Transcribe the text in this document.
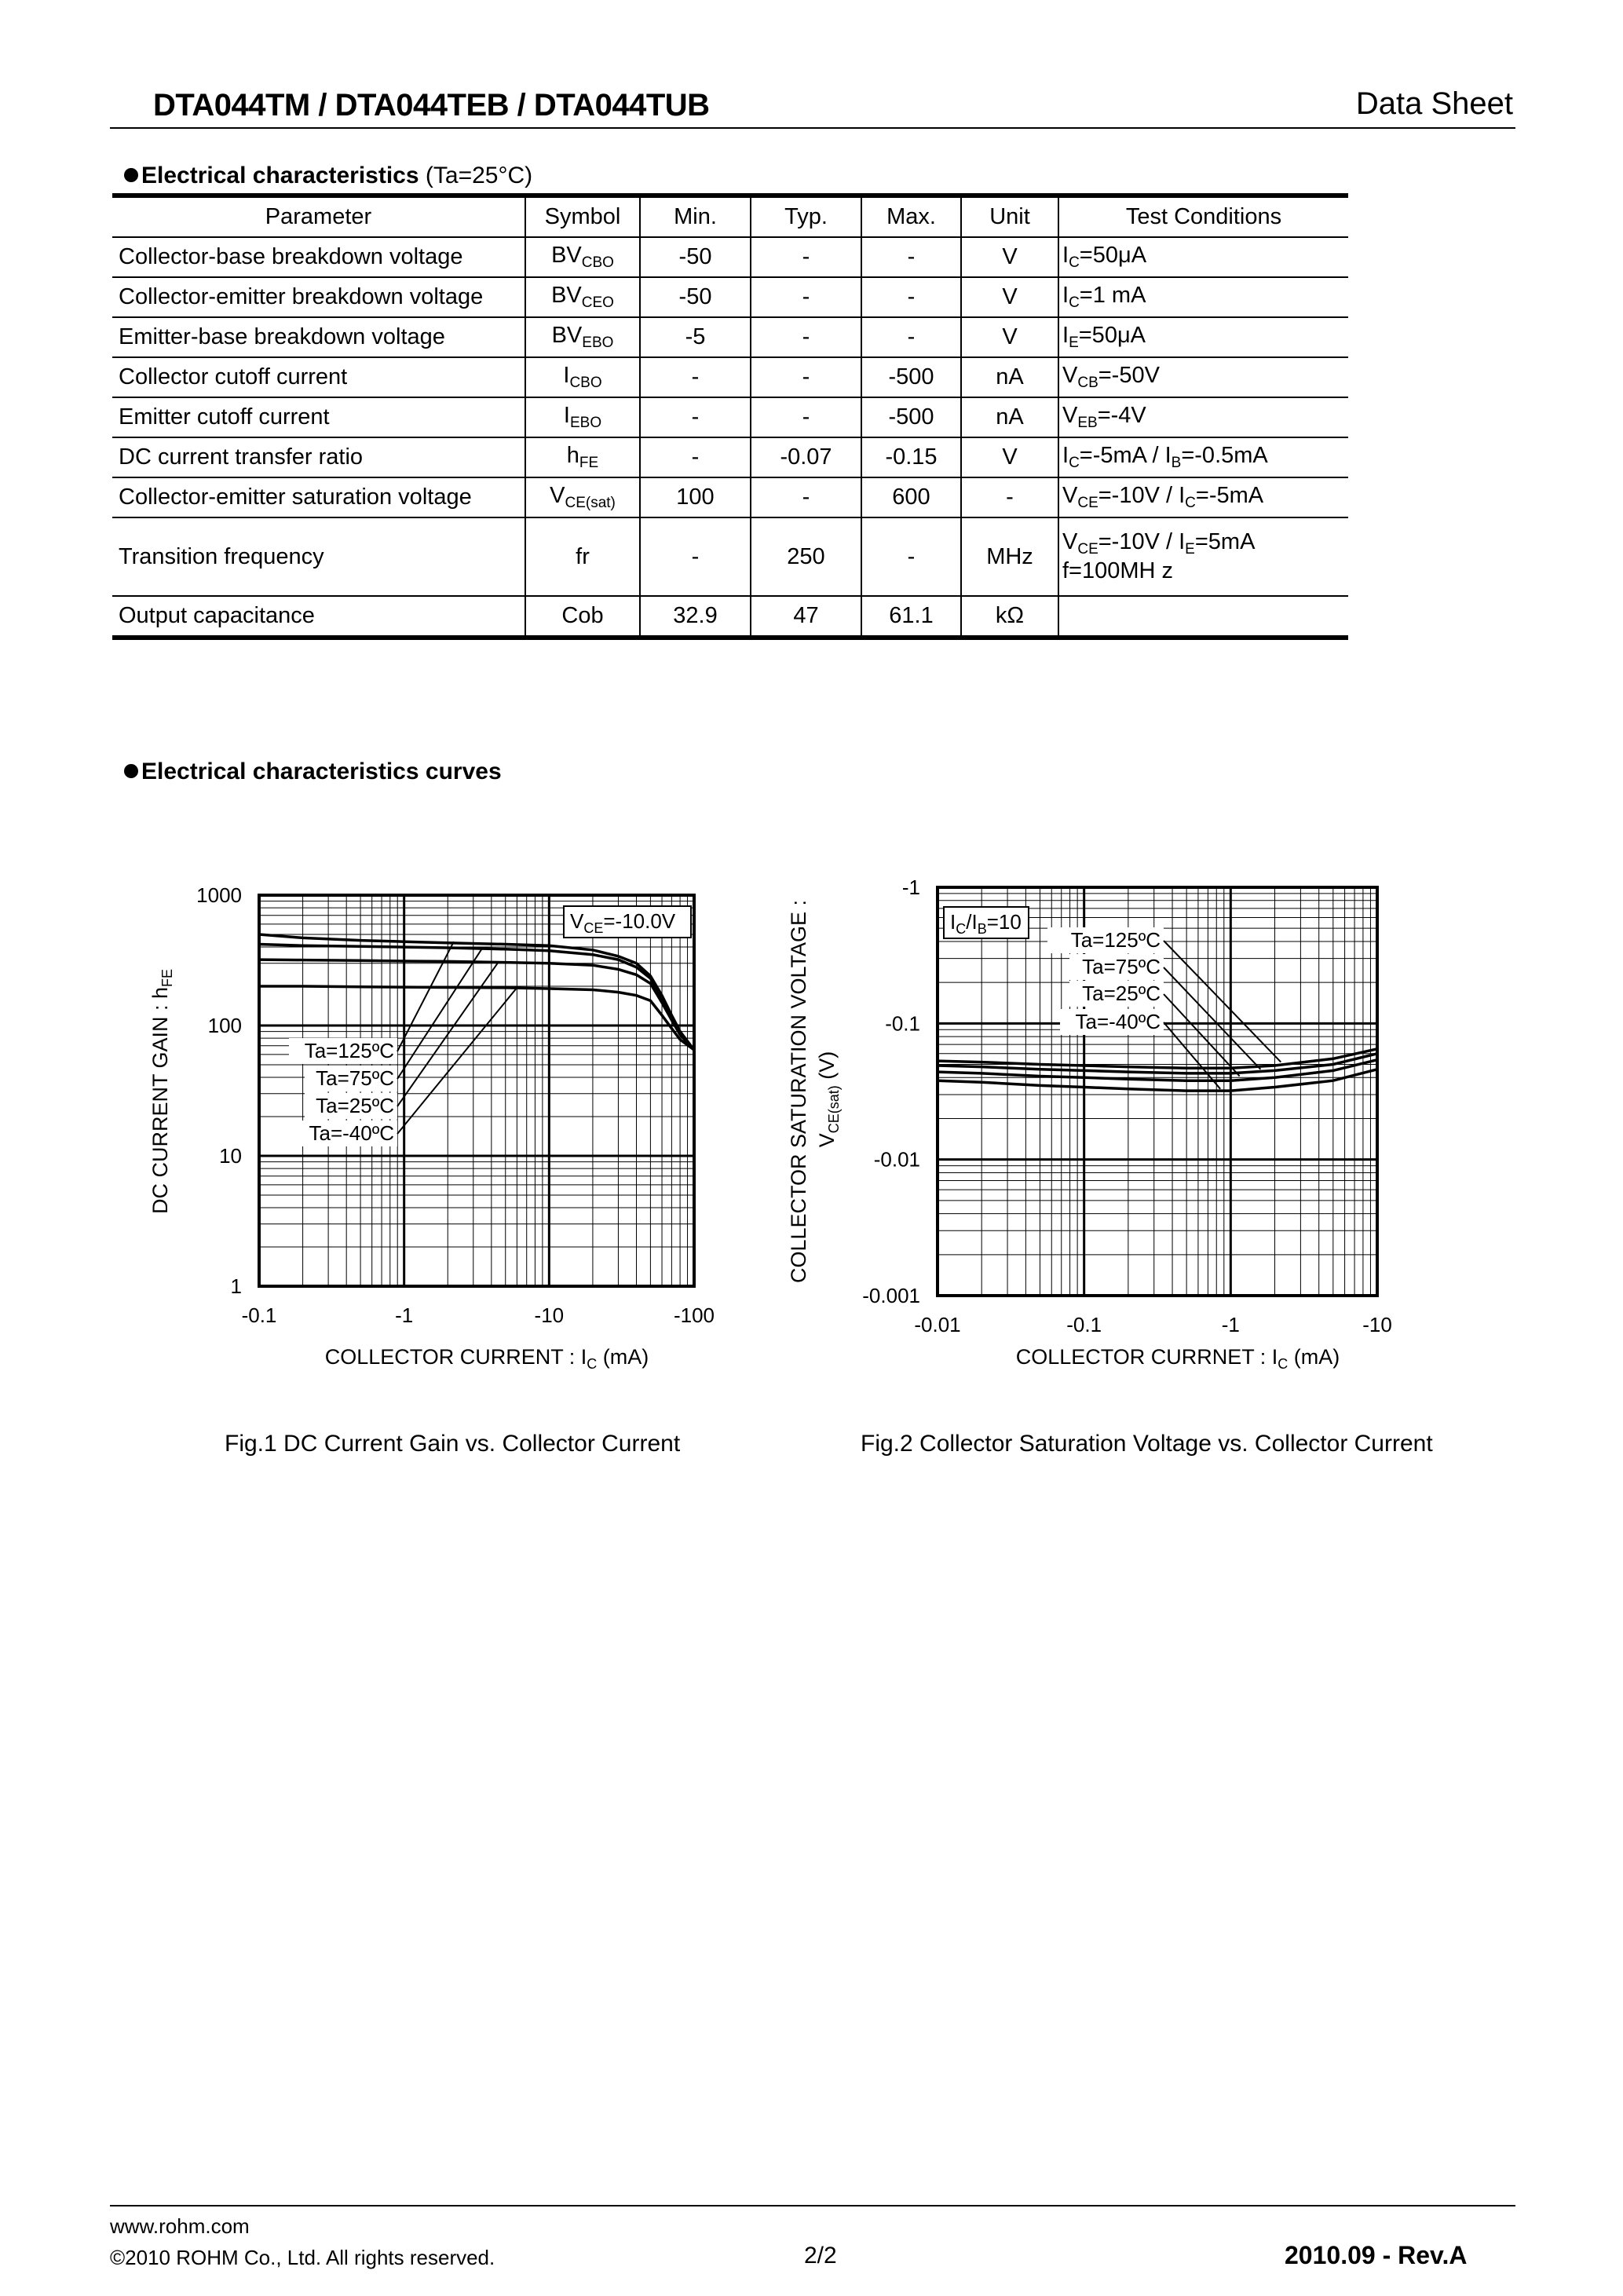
DTA044TM / DTA044TEB / DTA044TUB	Data Sheet
Electrical characteristics (Ta=25°C)
Parameter	Symbol	Min.	Typ.	Max.	Unit	Test Conditions
Collector-base breakdown voltage	$BV_{CBO}$	-50	-	-	V	$I_C=50\mu A$
Collector-emitter breakdown voltage	$BV_{CEO}$	-50	-	-	V	$I_C=1$ mA
Emitter-base breakdown voltage	$BV_{EBO}$	-5	-	-	V	$I_E=50\mu A$
Collector cutoff current	$I_{CBO}$	-	-	-500	nA	$V_{CB}=-50V$
Emitter cutoff current	$I_{EBO}$	-	-	-500	nA	$V_{EB}=-4V$
DC current transfer ratio	$h_{FE}$	-	-0.07	-0.15	V	$I_C=-5mA / I_B=-0.5mA$
Collector-emitter saturation voltage	$V_{CE(sat)}$	100	-	600	-	$V_{CE}=-10V / I_C=-5mA$
Transition frequency	fr	-	250	-	MHz	$V_{CE}=-10V / I_E=5mA$
f=100MH z
Output capacitance	Cob	32.9	47	61.1	kΩ	
Electrical characteristics curves
-0.1	-1	-10	-100
1
10
100
1000
$V_{CE}=-10.0V$
Ta=125ºC
Ta=75ºC
Ta=25ºC
Ta=-40ºC
COLLECTOR CURRENT : $I_C$ (mA)
DC CURRENT GAIN : $h_{FE}$
-0.01	-0.1	-1	-10
-0.001
-0.01
-0.1
-1
$I_C/I_B=10$
Ta=125ºC
Ta=75ºC
Ta=25ºC
Ta=-40ºC
COLLECTOR CURRNET : $I_C$ (mA)
COLLECTOR SATURATION VOLTAGE : $V_{CE(sat)}$ (V)
Fig.1 DC Current Gain vs. Collector Current	Fig.2 Collector Saturation Voltage vs. Collector Current
www.rohm.com
©2010 ROHM Co., Ltd. All rights reserved.	2/2	2010.09 - Rev.A
